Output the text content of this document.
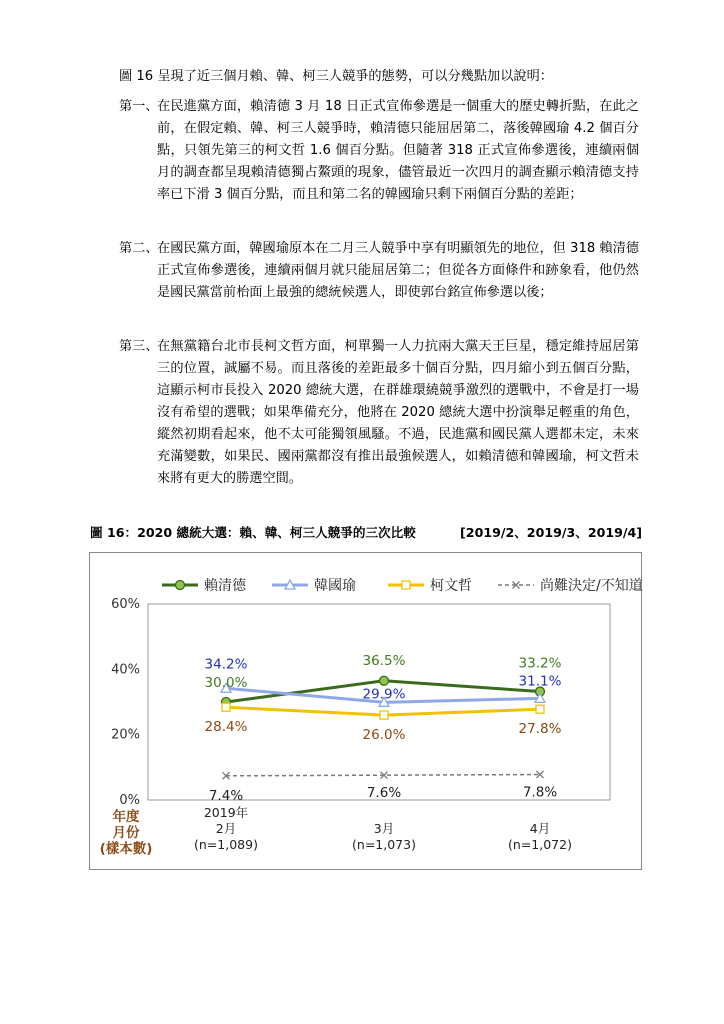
圖 16 呈現了近三個月賴、韓、柯三人競爭的態勢，可以分幾點加以說明：
第一、
在民進黨方面，賴清德 3 月 18 日正式宣佈參選是一個重大的歷史轉折點，在此之前，在假定賴、韓、柯三人競爭時，賴清德只能屈居第二，落後韓國瑜 4.2 個百分點，只領先第三的柯文哲 1.6 個百分點。但隨著 318 正式宣佈參選後，連續兩個月的調查都呈現賴清德獨占鰲頭的現象，儘管最近一次四月的調查顯示賴清德支持率已下滑 3 個百分點，而且和第二名的韓國瑜只剩下兩個百分點的差距；
第二、
在國民黨方面，韓國瑜原本在二月三人競爭中享有明顯領先的地位，但 318 賴清德正式宣佈參選後，連續兩個月就只能屈居第二；但從各方面條件和跡象看，他仍然是國民黨當前枱面上最強的總統候選人，即使郭台銘宣佈參選以後；
第三、
在無黨籍台北市長柯文哲方面，柯單獨一人力抗兩大黨天王巨星，穩定維持屈居第三的位置，誠屬不易。而且落後的差距最多十個百分點，四月縮小到五個百分點，這顯示柯市長投入 2020 總統大選，在群雄環繞競爭激烈的選戰中，不會是打一場沒有希望的選戰；如果準備充分，他將在 2020 總統大選中扮演舉足輕重的角色，縱然初期看起來，他不太可能獨領風騷。不過，民進黨和國民黨人選都未定，未來充滿變數，如果民、國兩黨都沒有推出最強候選人，如賴清德和韓國瑜，柯文哲未來將有更大的勝選空間。
圖 16：2020 總統大選：賴、韓、柯三人競爭的三次比較	[2019/2、2019/3、2019/4]
0%
20%
40%
60%
賴清德	韓國瑜	柯文哲	尚難決定/不知道
30.0%
36.5%	33.2%
34.2%
29.9%
31.1%
28.4%	26.0%	27.8%
7.4%	7.6%	7.8%
年度
月份
(樣本數)
2019年
2月
(n=1,089)
3月
(n=1,073)
4月
(n=1,072)
